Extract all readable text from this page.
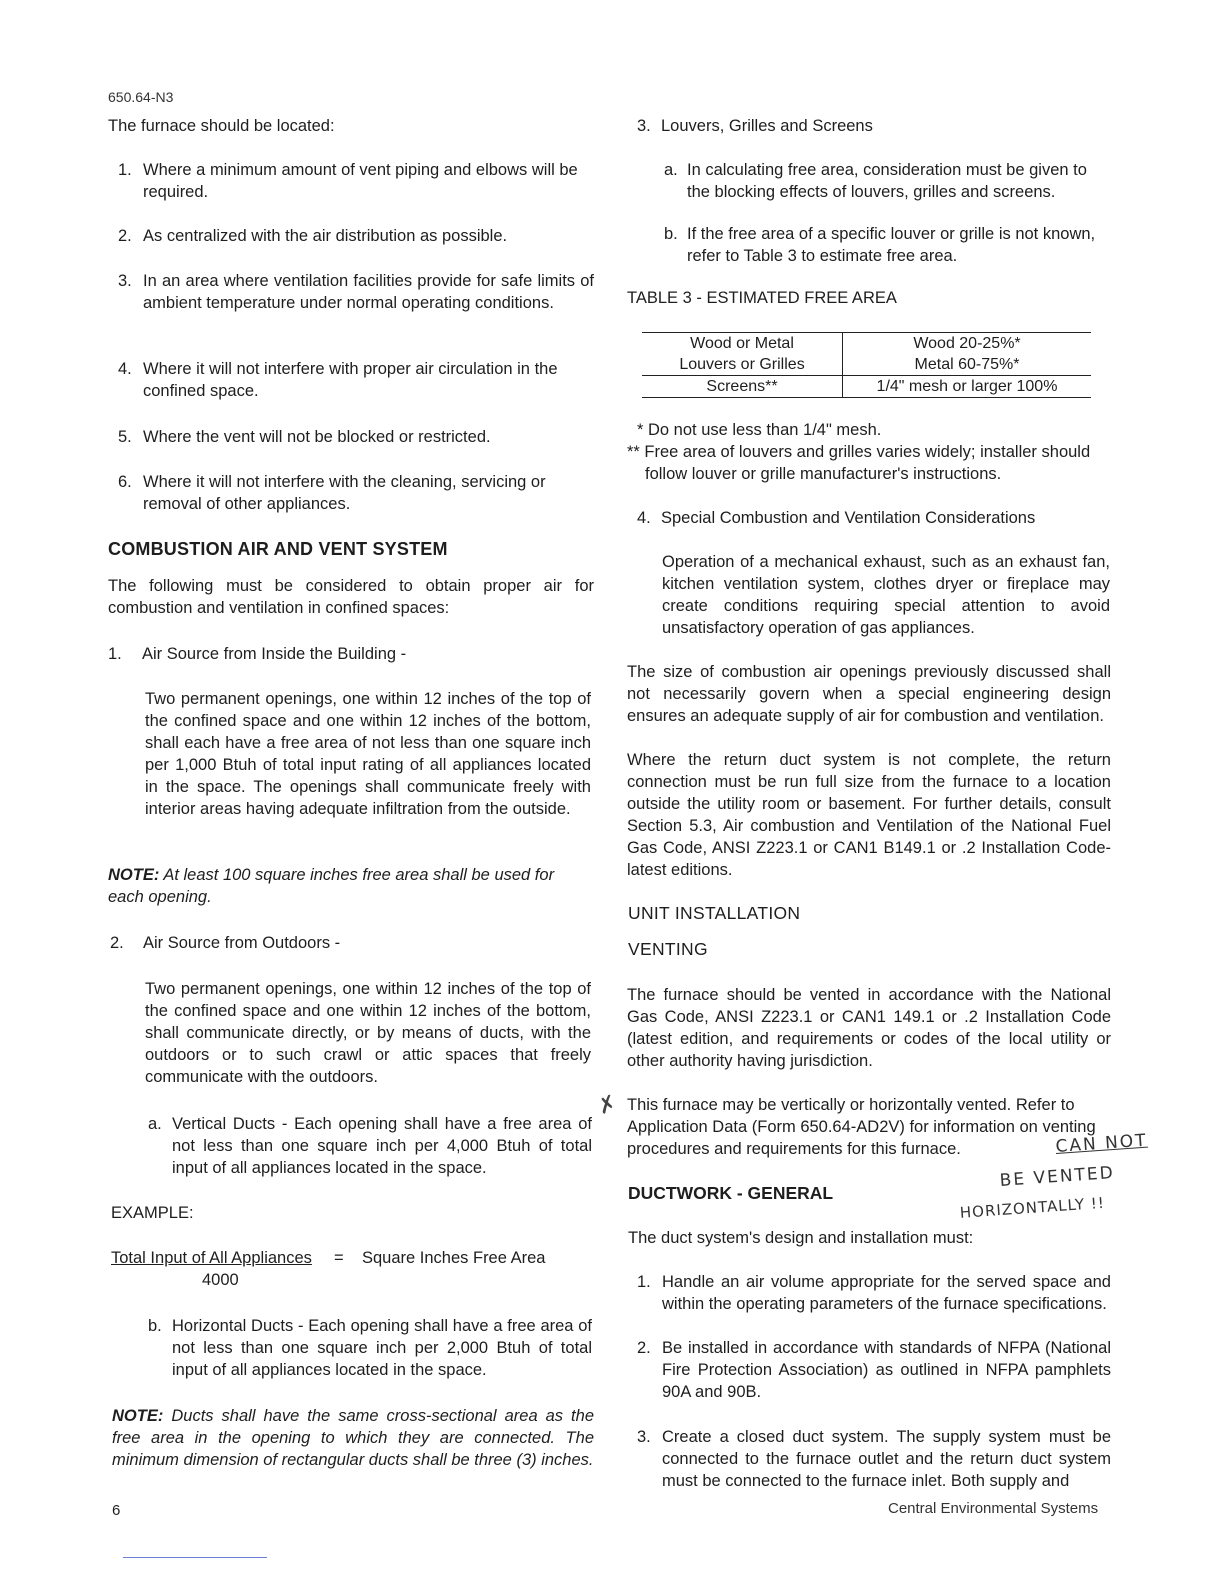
650.64-N3
The furnace should be located:
1. Where a minimum amount of vent piping and elbows will be required.
2. As centralized with the air distribution as possible.
3. In an area where ventilation facilities provide for safe limits of ambient temperature under normal operating conditions.
4. Where it will not interfere with proper air circulation in the confined space.
5. Where the vent will not be blocked or restricted.
6. Where it will not interfere with the cleaning, servicing or removal of other appliances.
COMBUSTION AIR AND VENT SYSTEM
The following must be considered to obtain proper air for combustion and ventilation in confined spaces:
1.	Air Source from Inside the Building -
Two permanent openings, one within 12 inches of the top of the confined space and one within 12 inches of the bottom, shall each have a free area of not less than one square inch per 1,000 Btuh of total input rating of all appliances located in the space. The openings shall communicate freely with interior areas having adequate infiltration from the outside.
NOTE: At least 100 square inches free area shall be used for each opening.
2.	Air Source from Outdoors -
Two permanent openings, one within 12 inches of the top of the confined space and one within 12 inches of the bottom, shall communicate directly, or by means of ducts, with the outdoors or to such crawl or attic spaces that freely communicate with the outdoors.
a. Vertical Ducts - Each opening shall have a free area of not less than one square inch per 4,000 Btuh of total input of all appliances located in the space.
EXAMPLE:
Total Input of All Appliances = Square Inches Free Area
4000
b. Horizontal Ducts - Each opening shall have a free area of not less than one square inch per 2,000 Btuh of total input of all appliances located in the space.
NOTE: Ducts shall have the same cross-sectional area as the free area in the opening to which they are connected. The minimum dimension of rectangular ducts shall be three (3) inches.
6
3. Louvers, Grilles and Screens
a. In calculating free area, consideration must be given to the blocking effects of louvers, grilles and screens.
b. If the free area of a specific louver or grille is not known, refer to Table 3 to estimate free area.
TABLE 3 - ESTIMATED FREE AREA
Wood or Metal	Wood 20-25%*
Louvers or Grilles	Metal 60-75%*
Screens**	1/4" mesh or larger 100%
* Do not use less than 1/4" mesh.
** Free area of louvers and grilles varies widely; installer should follow louver or grille manufacturer's instructions.
4. Special Combustion and Ventilation Considerations
Operation of a mechanical exhaust, such as an exhaust fan, kitchen ventilation system, clothes dryer or fireplace may create conditions requiring special attention to avoid unsatisfactory operation of gas appliances.
The size of combustion air openings previously discussed shall not necessarily govern when a special engineering design ensures an adequate supply of air for combustion and ventilation.
Where the return duct system is not complete, the return connection must be run full size from the furnace to a location outside the utility room or basement. For further details, consult Section 5.3, Air combustion and Ventilation of the National Fuel Gas Code, ANSI Z223.1 or CAN1 B149.1 or .2 Installation Code-latest editions.
UNIT INSTALLATION
VENTING
The furnace should be vented in accordance with the National Gas Code, ANSI Z223.1 or CAN1 149.1 or .2 Installation Code (latest edition, and requirements or codes of the local utility or other authority having jurisdiction.
✗ This furnace may be vertically or horizontally vented. Refer to Application Data (Form 650.64-AD2V) for information on venting procedures and requirements for this furnace.	CAN NOT
BE VENTED
HORIZONTALLY !!
DUCTWORK - GENERAL
The duct system's design and installation must:
1. Handle an air volume appropriate for the served space and within the operating parameters of the furnace specifications.
2. Be installed in accordance with standards of NFPA (National Fire Protection Association) as outlined in NFPA pamphlets 90A and 90B.
3. Create a closed duct system. The supply system must be connected to the furnace outlet and the return duct system must be connected to the furnace inlet. Both supply and
Central Environmental Systems
